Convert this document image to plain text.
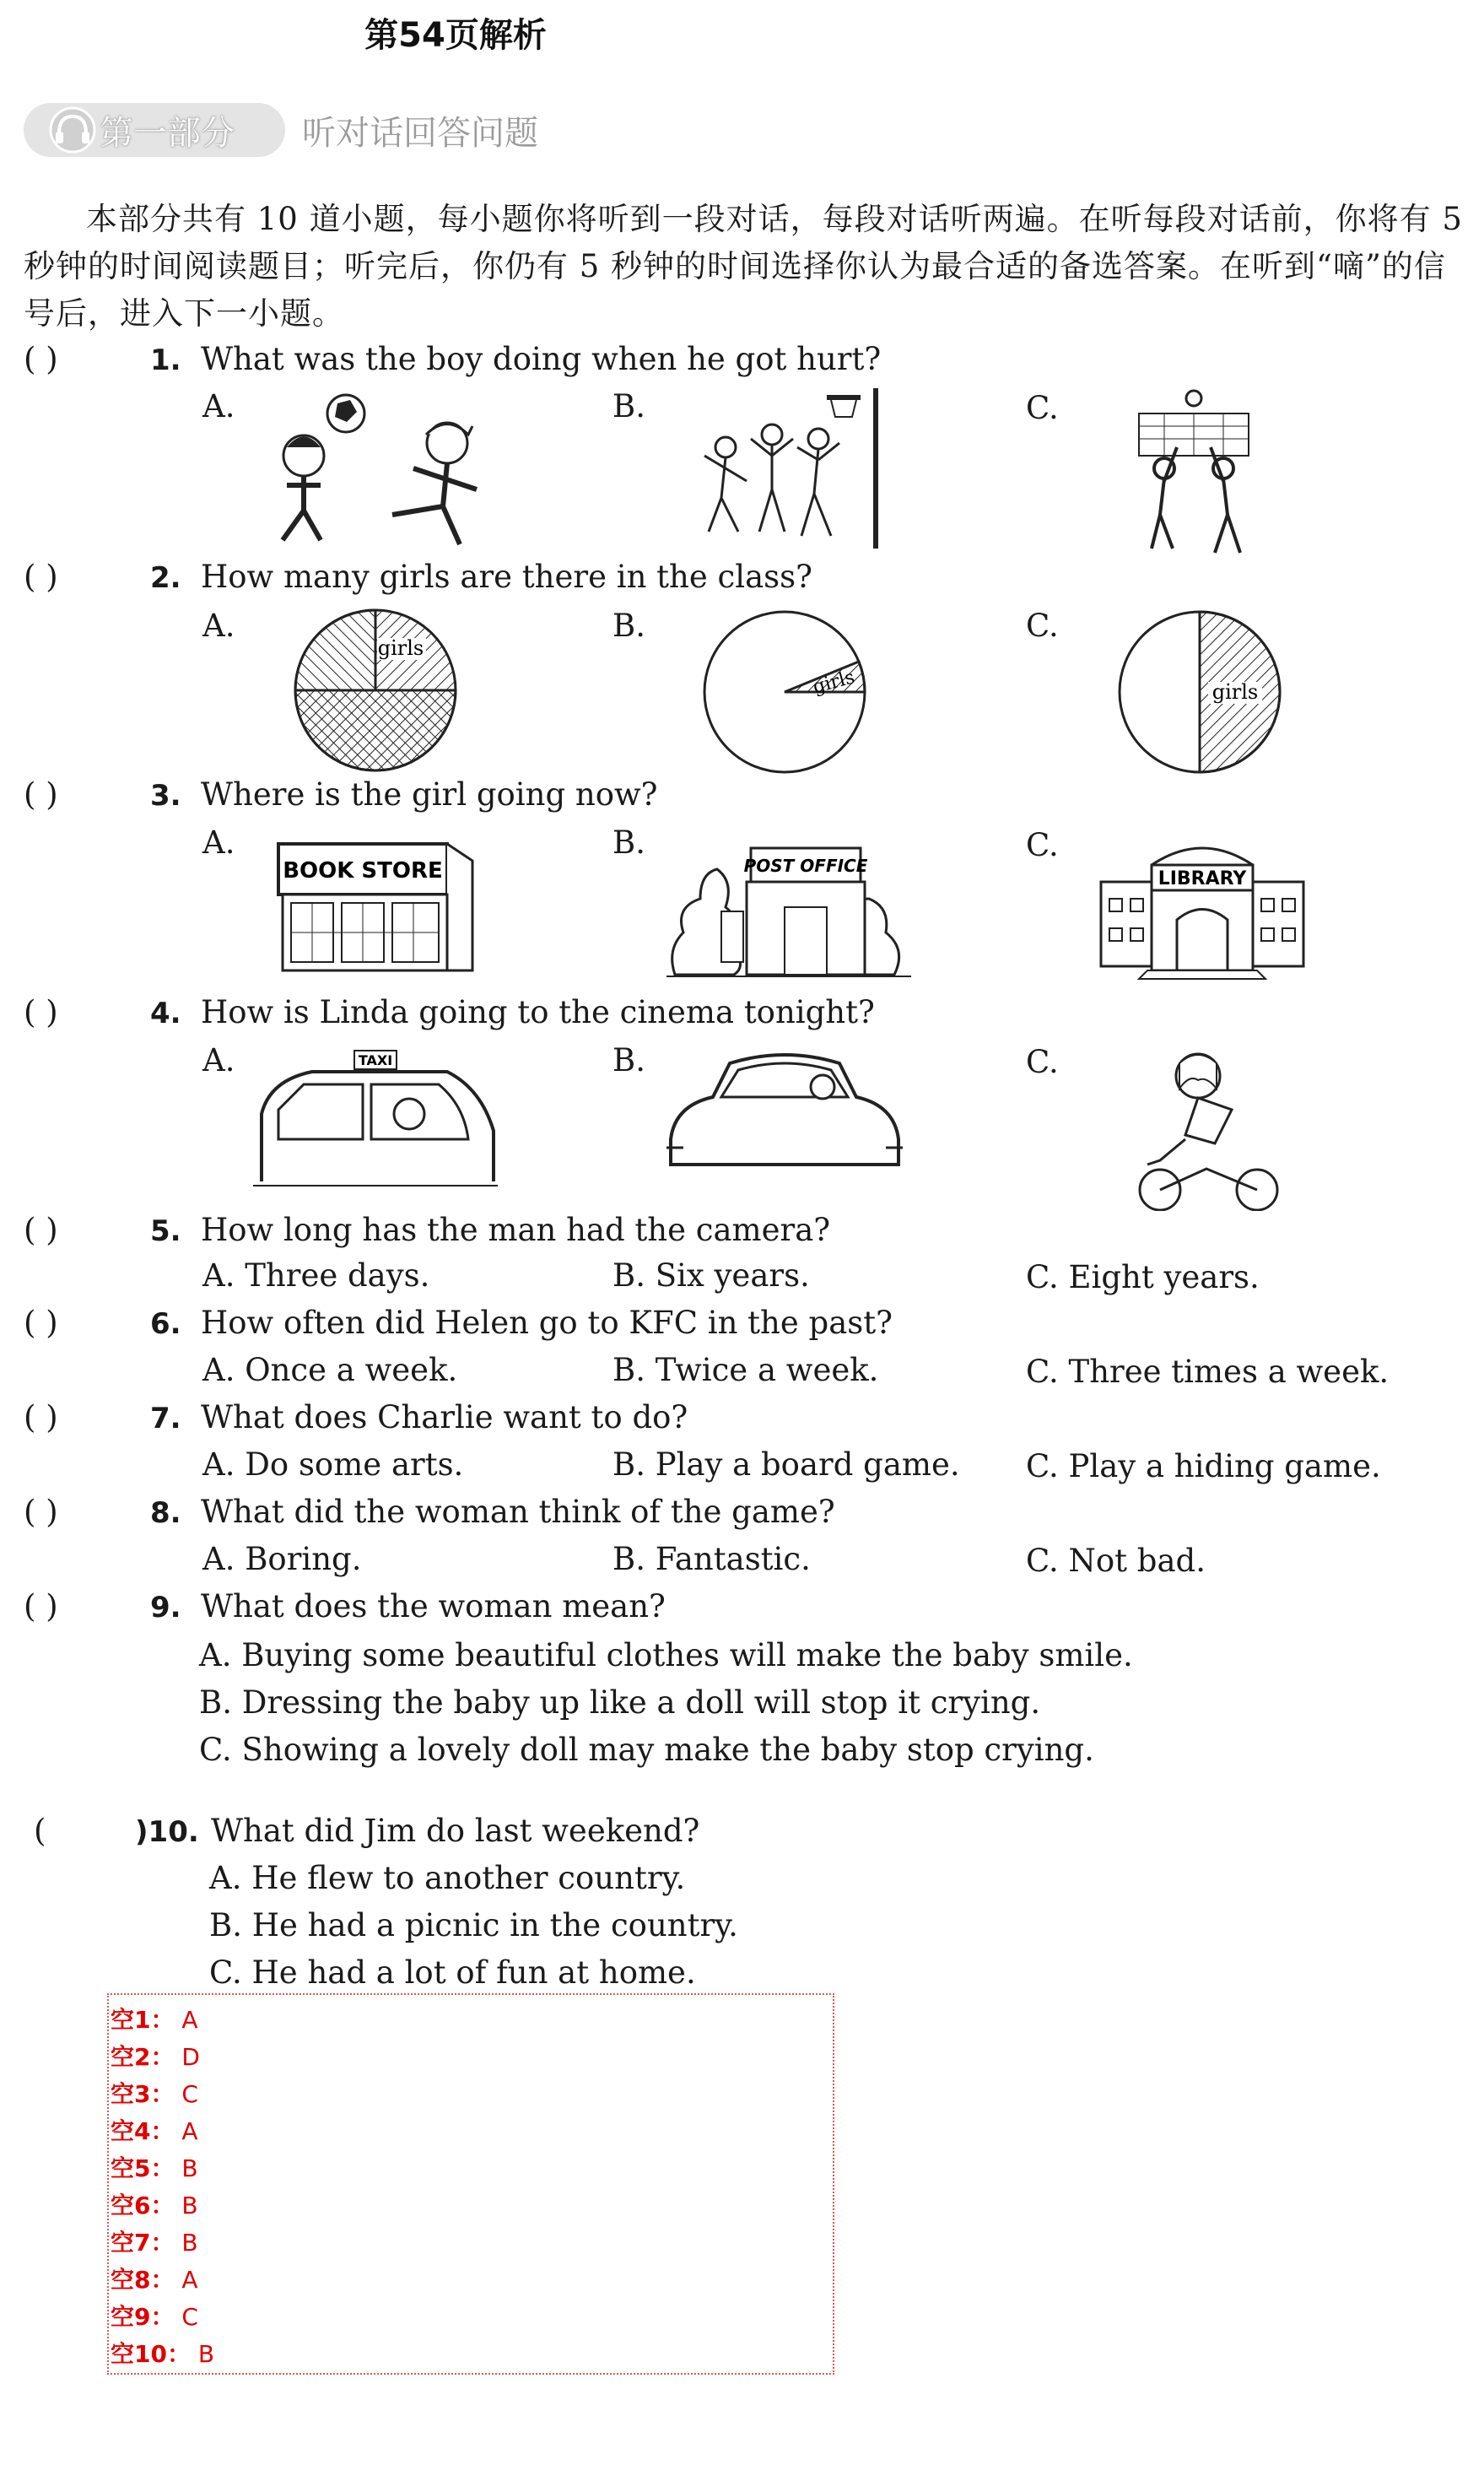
第54页解析
第一部分 听对话回答问题
本部分共有 10 道小题，每小题你将听到一段对话，每段对话听两遍。在听每段对话前，你将有 5 秒钟的时间阅读题目；听完后，你仍有 5 秒钟的时间选择你认为最合适的备选答案。在听到“嘀”的信号后，进入下一小题。
( )	1. What was the boy doing when he got hurt?
A.	B.	C.
( )	2. How many girls are there in the class?
A.	B.	C.
girls
girls	girls
( )	3. Where is the girl going now?
A.	B.	C.
BOOK STORE	POST OFFICE
LIBRARY
( )	4. How is Linda going to the cinema tonight?
A.	B.	C.
TAXI
( )	5. How long has the man had the camera?
A. Three days.	B. Six years.	C. Eight years.
( )	6. How often did Helen go to KFC in the past?
A. Once a week.	B. Twice a week.	C. Three times a week.
( )	7. What does Charlie want to do?
A. Do some arts.	B. Play a board game. C. Play a hiding game.
( )	8. What did the woman think of the game?
A. Boring.	B. Fantastic.	C. Not bad.
( )	9. What does the woman mean?
A. Buying some beautiful clothes will make the baby smile.
B. Dressing the baby up like a doll will stop it crying.
C. Showing a lovely doll may make the baby stop crying.
(	)10. What did Jim do last weekend?
A. He flew to another country.
B. He had a picnic in the country.
C. He had a lot of fun at home.
空1： A
空2： D
空3： C
空4： A
空5： B
空6： B
空7： B
空8： A
空9： C
空10： B
